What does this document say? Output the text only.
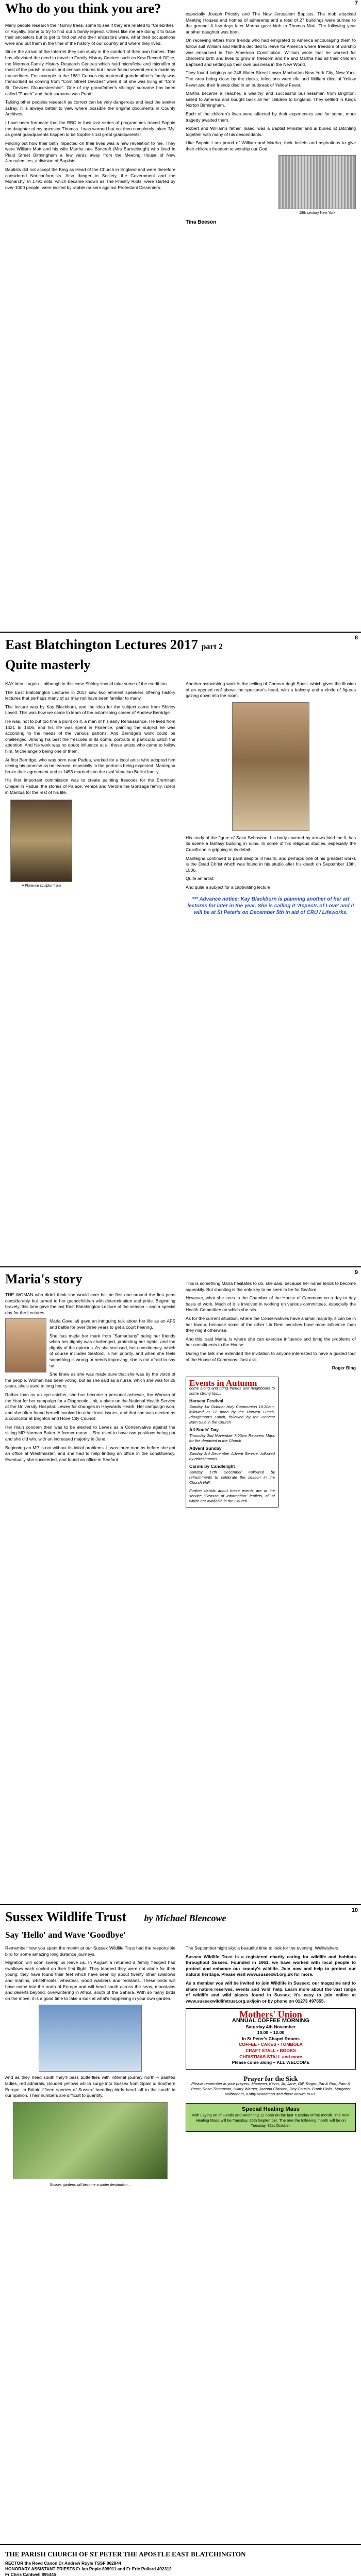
7
Who do you think you are?

Many people research their family trees, some to see if they are related to "Celebrities" or Royalty. Some to try to find out a family legend. Others like me are doing it to trace their ancestors but to get to find out who their ancestors were, what their occupations were and put them in the time of the history of our country and where they lived.

Since the arrival of the Internet they can study in the comfort of their own homes. This has alleviated the need to travel to Family History Centres such as Kew Record Office, the Mormon Family History Research Centres which held microfiche and microfilm of most of the parish records and census returns but I have found several errors made by transcribers. For example in the 1881 Census my maternal grandmother's family was transcribed as coming from "Corn Street Devizes" when it lot she was living at "Corn St. Devizes Gloucestershire". One of my grandfather's siblings' surname has been called "Punch" and their surname was Pond!

Talking other peoples research as correct can be very dangerous and lead the seeker astray. It is always better to view where possible the original documents in County Archives.

I have been fortunate that the BBC in their last series of programmes traced Sophie the daughter of my ancestor Thomas. I was warned but not then completely taken 'My' as great grandparents happen to be Sophie's 1st great grandparents!

Finding out how their birth impacted on their lives was a new revelation to me. They were William Mott and his wife Martha nee Bancroft (Mrs Barraclough) who lived in Plaid Street Birmingham a few yards away from the Meeting House of New Jerusalemites, a division of Baptists.

Baptists did not accept the King as Head of the Church in England and were therefore considered Nonconformists. Also danger to Society, the Government and the Monarchy. In 1791 riots, which became known as The Priestly Riots, were started by over 1000 people, were incited by rabble rousers against Protestant Dissenters.

especially Joseph Priestly and The New Jerusalem Baptists. The mob attacked Meeting Houses and homes of adherents and a total of 27 buildings were burned to the ground! A few days later Martha gave birth to Thomas Mott. The following year another daughter was born.

On receiving letters from friends who had emigrated to America encouraging them to follow suit William and Martha decided to leave for America where freedom of worship was enshrined in The American Constitution. William wrote that he worked for children's birth and lives to grow in freedom and he and Martha had all their children Baptised and setting up their own business in the New World.

They found lodgings on 248 Water Street Lower Manhattan New York City, New York. The area being close by the docks, infections were rife and William died of Yellow Fever and their friends died in an outbreak of Yellow Fever.

Martha became a Teacher, a wealthy and successful businessman from Brighton, sailed to America and bought back all her children to England. They settled in Kings Norton Birmingham.

Each of the children's lives were affected by their experiences and for some, more tragedy awaited them.

Robert and William's father, Isaac, was a Baptist Minister and is buried at Ditchling together with many of his descendants.

Like Sophie I am proud of William and Martha, their beliefs and aspirations to give their children freedom to worship our God.

18th century New York
Tina Beeson
8
East Blatchington Lectures 2017 part 2
Quite masterly

KAY idea it again – although in this case Shirley should take some of the credit too.

The East Blatchington Lectures in 2017 saw two eminent speakers offering history lectures that perhaps many of us may not have been familiar to many.

The lecture was by Kay Blackburn, and the idea for the subject came from Shirley Lovell. This was how we came to learn of the astonishing career of Andrew Berridge.

He was, not to put too fine a point on it, a man of his early Renaissance. He lived from 1421 to 1506, and his life was spent in Florence, painting the subject he was according to the needs of the various patrons. And Berridge's work could be challenged. Among his best the frescoes in its dome, portraits in particular catch the attention. And his work was no doubt influence at all those artists who came to follow him, Michelangelo being one of them.

At first Berridge, who was born near Padua, worked for a local artist who adopted him seeing his promise as he learned, especially in the portraits being expected. Mantegna broke their agreement and in 1453 married into the rival Venetian Bellini family.

His first important commission was to create painting frescoes for the Eremitani Chapel in Padua, the stories of Palace, Venice and Verona the Gonzaga family, rulers in Mantua for the rest of his life.

A Florence sculptor from

Another astonishing work is the ceiling of Camera degli Sposi, which gives the illusion of an opened roof above the spectator's head, with a balcony and a circle of figures gazing down into the room.

His study of the figure of Saint Sebastian, his body covered by arrows hind the li, has its scene a fantasy building in ruins. In some of his religious studies, especially the Crucifixion is gripping in its detail.

Mantegna continued to paint despite ill health, and perhaps one of his greatest works is the Dead Christ which was found in his studio after his death on September 13th, 1506.

Quite an artist.

And quite a subject for a captivating lecture.

*** Advance notice: Kay Blackburn is planning another of her art lectures for later in the year. She is calling it 'Aspects of Love' and it will be at St Peter's on December 5th in aid of CRU / Lifeworks.
9
Maria's story

THE WOMAN who didn't think she would ever be the first one around the first peas considerably but turned to her grandchildren with determination and pride. Beginning bravely, this time gave the last East Blatchington Lecture of the season – and a special day for the Lectures.

Maria Cavellati gave an intriguing talk about her life as an AFS and battle for over three years to get a court hearing.

She has made her mark from "Samaritans" being her friends when her dignity was challenged, protecting her rights, and the dignity of the opinions. As she stressed, her constituency, which of course includes Seaford, is her priority, and when she feels something is wrong or needs improving, she is not afraid to say so.

She knew as she was made sure that she was by the voice of the people. Women had been voting, but as she said as a nurse, which she was for 25 years, she's used to long hours.

Rather than as an eye-catcher, she has become a personal achiever, the Woman of the Year for her campaign for a Diagnostic Unit, a place on the National Health Service at the University Hospital. Lewes for changes in Haywards Heath. Her campaign won, and she often found herself involved in other local issues; and that she was elected as a councillor at Brighton and Hove City Council.

Her main concern then was to be elected to Lewes as a Conservative against the sitting MP Norman Baker. A former nurse... She used to have two positions being put and she did win, with an increased majority in June.

Beginning an MP is not without its initial problems. It was three months before she got an office at Westminster, and she had to help finding an office in the constituency. Eventually she succeeded, and found an office in Seaford.

This is something Maria hesitates to do, she said, because her name tends to become squeakily. But shooting is the only key to be seen to be for Seaford.

However, what she sees in the Chamber of the House of Commons on a day to day basis of work. Much of it is involved in working on various committees, especially the Health Committee on which she sits.

As for the current situation, where the Conservatives have a small majority, it can be in her favour, because some of the other Lib Dem benches have more influence than they might otherwise.

And this, said Maria, is where she can exercise influence and bring the problems of her constituents to the House.

During the talk she extended the invitation to anyone interested to have a guided tour of the House of Commons. Just ask.

Roger Bing
Events in Autumn
come along and bring friends and neighbours to some strong tips...
Harvest Festival
Sunday 1st October Holy Communion 10.30am, followed at 12 noon by the Harvest Lunch, Ploughman's Lunch, followed by the Harvest Barn Sale in the Church
All Souls' Day
Thursday 2nd November 7.00pm Requiem Mass for the departed in the Church
Advent Sunday
Sunday 3rd December Advent Service, followed by refreshments
Carols by Candlelight
Sunday 17th December Followed by refreshments to celebrate the season in the Church Hall
Further details about these events are in the service "Season of Information" leaflets, all of which are available in the Church
10
Sussex Wildlife Trust by Michael Blencowe
Say 'Hello' and Wave 'Goodbye'

Remember how you spent the month at our Sussex Wildlife Trust had the responsible bird for some amazing long distance journeys.

Migration will soon sweep us leave us. In August a returned a family fledged had swallows each cooled on their first flight. They learned they were not alone for their young: they have found their feet which have been by about twenty other swallows and martins, whitethroats, wheatear, wood warblers and redstarts. These birds will have come into the north of Europe and will head south across the seas, mountains and deserts beyond, overwintering in Africa, south of the Sahara. With so many birds on the move, it is a good time to take a look at what's happening in your own garden.

And as they head south they'll pass butterflies with internal journey north – painted ladies, red admirals, clouded yellows which surge into Sussex from Spain & Southern Europe. In Britain fifteen species of Sussex' breeding birds head 'off to the south' in our opinion. Their numbers are difficult to quantify.

Sussex gardens will become a winter destination...

The September night sky: a beautiful time to look for the evening. Wellwishers.

Sussex Wildlife Trust is a registered charity caring for wildlife and habitats throughout Sussex. Founded in 1961, we have worked with local people to protect and enhance our county's wildlife. Join now and help to protect our natural heritage. Please visit www.sussexwt.org.uk for more.

As a member you will be invited to join Wildlife in Sussex: our magazine and to share nature reserves, events and 'wild' help. Learn more about the vast range of wildlife and wild places found in Sussex. It's easy to join online at www.sussexwildlifetrust.org.uk/join or by phone on 01273 497555.

Mothers' Union
ANNUAL COFFEE MORNING
Saturday 4th November
10.00 – 12.00
In St Peter's Chapel Rooms
COFFEE • CAKES • TOMBOLA
CRAFT STALL • BOOKS
CHRISTMAS STALL and more
Please come along – ALL WELCOME
Prayer for the Sick
Please remember in your prayers: Maureen, Kevin, Jo, Jane, Gill, Roger, Pat & Ron, Pam & Peter, Rose Thompson, Hilary Warner, Joanna Clacken, Roy Cousin, Frank Bicks, Margaret Wilbraham, Kathy Woodman and those known to us.
Special Healing Mass
with Laying on of Hands and Anointing 12 noon on the last Tuesday of the month. The next Healing Mass will be Tuesday, 26th September. The one the following month will be on Tuesday, 31st October.
THE PARISH CHURCH OF ST PETER THE APOSTLE EAST BLATCHINGTON
RECTOR the Revd Canon Dr Andrew Royle TSSF 062844
HONORARY ASSISTANT PRIESTS Fr Ian Pople 899911 and Fr Eric Pollard 492312
Fr Chris Caldwell 895445
